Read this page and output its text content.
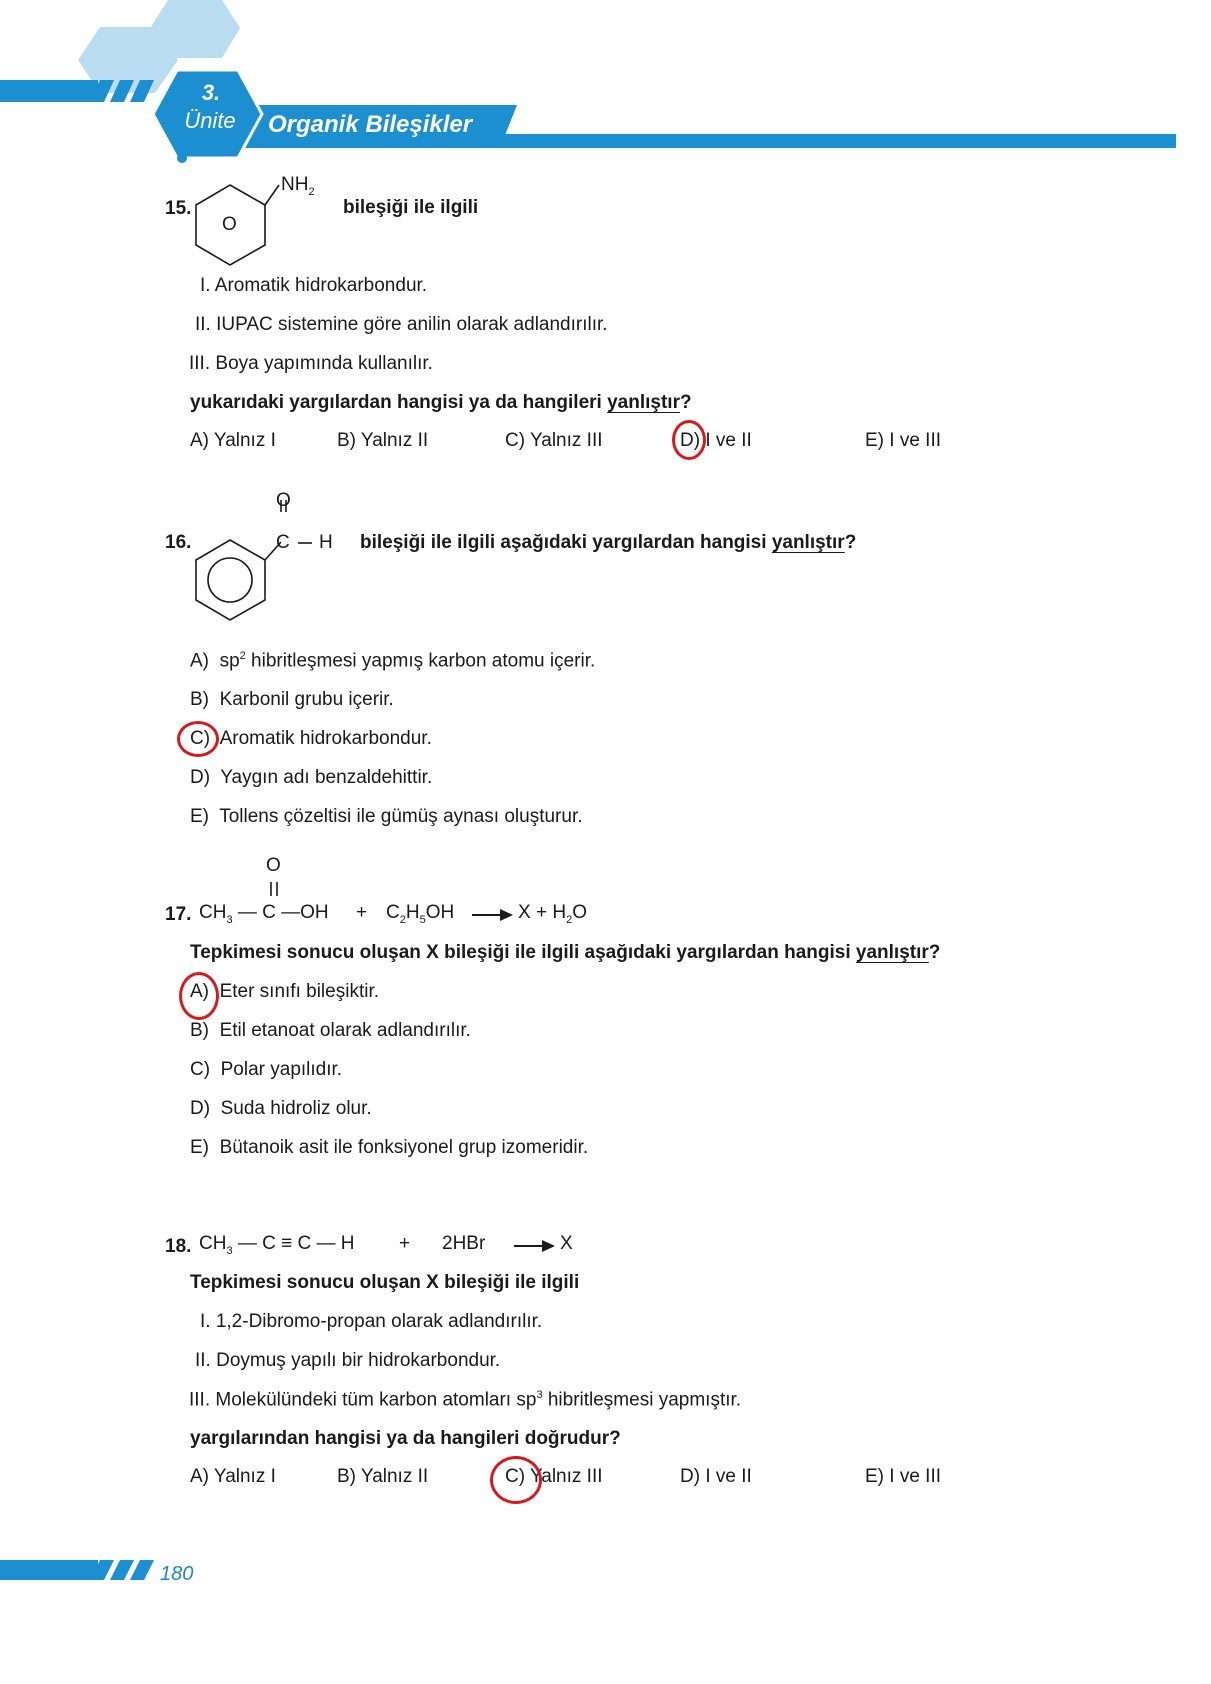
3.
Ünite	Organik Bileşikler
15.
O
$NH_2$
bileşiği ile ilgili
I. Aromatik hidrokarbondur.
II. IUPAC sistemine göre anilin olarak adlandırılır.
III. Boya yapımında kullanılır.
yukarıdaki yargılardan hangisi ya da hangileri yanlıştır?
A) Yalnız I	B) Yalnız II	C) Yalnız III	D) I ve II	E) I ve III
16.
O
C H bileşiği ile ilgili aşağıdaki yargılardan hangisi yanlıştır?
A) $sp^2$ hibritleşmesi yapmış karbon atomu içerir.
B) Karbonil grubu içerir.
C) Aromatik hidrokarbondur.
D) Yaygın adı benzaldehittir.
E) Tollens çözeltisi ile gümüş aynası oluşturur.
O
17. $CH_3$ — C —OH + $C_2H_5OH \to X + H_2O$
Tepkimesi sonucu oluşan X bileşiği ile ilgili aşağıdaki yargılardan hangisi yanlıştır?
A) Eter sınıfı bileşiktir.
B) Etil etanoat olarak adlandırılır.
C) Polar yapılıdır.
D) Suda hidroliz olur.
E) Bütanoik asit ile fonksiyonel grup izomeridir.
18. $CH_3$ — C ≡ C — H + 2HBr → X
Tepkimesi sonucu oluşan X bileşiği ile ilgili
I. 1,2-Dibromo-propan olarak adlandırılır.
II. Doymuş yapılı bir hidrokarbondur.
III. Molekülündeki tüm karbon atomları $sp^3$ hibritleşmesi yapmıştır.
yargılarından hangisi ya da hangileri doğrudur?
A) Yalnız I	B) Yalnız II	C) Yalnız III	D) I ve II	E) I ve III
180
